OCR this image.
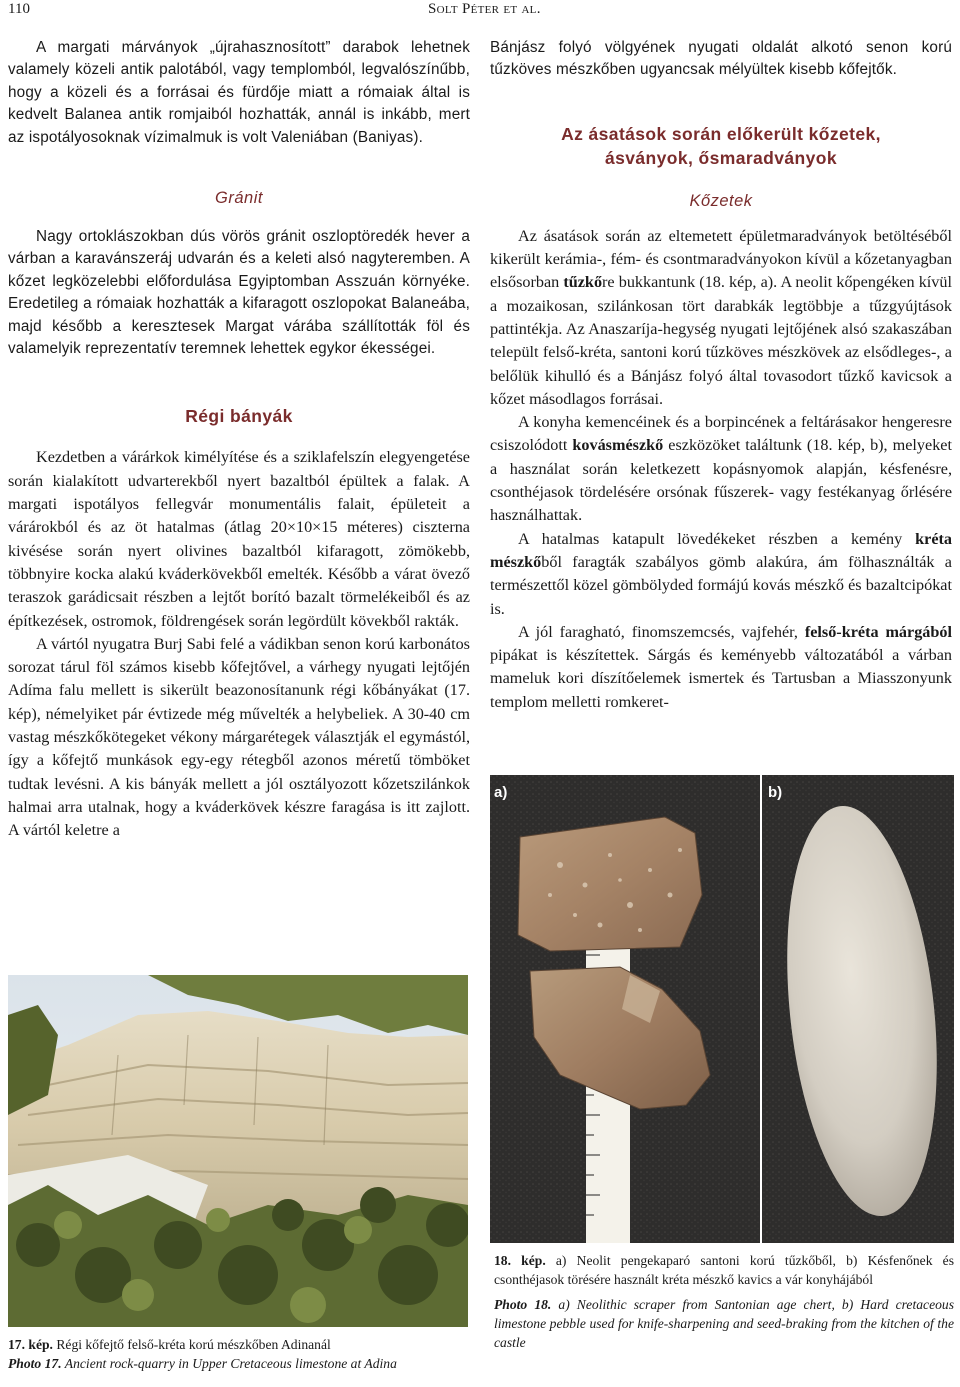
110	Solt Péter et al.

A margati márványok „újrahasznosított” darabok lehetnek valamely közeli antik palotából, vagy templomból, legvalószínűbb, hogy a közeli és a forrásai és fürdője miatt a rómaiak által is kedvelt Balanea antik romjaiból hozhatták, annál is inkább, mert az ispotályosoknak vízimalmuk is volt Valeniában (Baniyas).

Gránit

Nagy ortoklászokban dús vörös gránit oszloptöredék hever a várban a karavánszeráj udvarán és a keleti alsó nagyteremben. A kőzet legközelebbi előfordulása Egyiptomban Asszuán környéke. Eredetileg a rómaiak hozhatták a kifaragott oszlopokat Balaneába, majd később a keresztesek Margat várába szállították föl és valamelyik reprezentatív teremnek lehettek egykor ékességei.

Régi bányák

Kezdetben a várárkok kimélyítése és a sziklafelszín elegyengetése során kialakított udvarterekből nyert bazaltból épültek a falak. A margati ispotályos fellegvár monumentális falait, épületeit a várárokból és az öt hatalmas (átlag 20×10×15 méteres) ciszterna kivésése során nyert olivines bazaltból kifaragott, zömökebb, többnyire kocka alakú kváderkövekből emelték. Később a várat övező teraszok garádicsait részben a lejtőt borító bazalt törmelékeiből és az építkezések, ostromok, földrengések során legördült kövekből rakták.

A vártól nyugatra Burj Sabi felé a vádikban senon korú karbonátos sorozat tárul föl számos kisebb kőfejtővel, a várhegy nyugati lejtőjén Adíma falu mellett is sikerült beazonosítanunk régi kőbányákat (17. kép), némelyiket pár évtizede még művelték a helybeliek. A 30-40 cm vastag mészkőkötegeket vékony márgarétegek választják el egymástól, így a kőfejtő munkások egy-egy rétegből azonos méretű tömböket tudtak levésni. A kis bányák mellett a jól osztályozott kőzetszilánkok halmai arra utalnak, hogy a kváderkövek készre faragása is itt zajlott. A vártól keletre a

Bánjász folyó völgyének nyugati oldalát alkotó senon korú tűzköves mészkőben ugyancsak mélyültek kisebb kőfejtők.

Az ásatások során előkerült kőzetek,
ásványok, ősmaradványok
Kőzetek

Az ásatások során az eltemetett épületmaradványok betöltéséből kikerült kerámia-, fém- és csontmaradványokon kívül a kőzetanyagban elsősorban tűzkőre bukkantunk (18. kép, a). A neolit kőpengéken kívül a mozaikosan, szilánkosan tört darabkák legtöbbje a tűzgyújtások pattintékja. Az Anaszaríja-hegység nyugati lejtőjének alsó szakaszában települt felső-kréta, santoni korú tűzköves mészkövek az elsődleges-, a belőlük kihulló és a Bánjász folyó által tovasodort tűzkő kavicsok a kőzet másodlagos forrásai.

A konyha kemencéinek és a borpincének a feltárásakor hengeresre csiszolódott kovásmészkő eszközöket találtunk (18. kép, b), melyeket a használat során keletkezett kopásnyomok alapján, késfenésre, csonthéjasok tördelésére orsónak fűszerek- vagy festékanyag őrlésére használhattak.

A hatalmas katapult lövedékeket részben a kemény kréta mészkőből faragták szabályos gömb alakúra, ám fölhasználták a természettől közel gömbölyded formájú kovás mészkő és bazaltcipókat is.

A jól faragható, finomszemcsés, vajfehér, felső-kréta márgából pipákat is készítettek. Sárgás és keményebb változatából a várban mameluk kori díszítőelemek ismertek és Tartusban a Miasszonyunk templom melletti romkeret-

a)	b)
18. kép. a) Neolit pengekaparó santoni korú tűzkőből, b) Késfenőnek és csonthéjasok törésére használt kréta mészkő kavics a vár konyhájából
Photo 18. a) Neolithic scraper from Santonian age chert, b) Hard cretaceous limestone pebble used for knife-sharpening and seed-braking from the kitchen of the castle
17. kép. Régi kőfejtő felső-kréta korú mészkőben Adinanál
Photo 17. Ancient rock-quarry in Upper Cretaceous limestone at Adina
